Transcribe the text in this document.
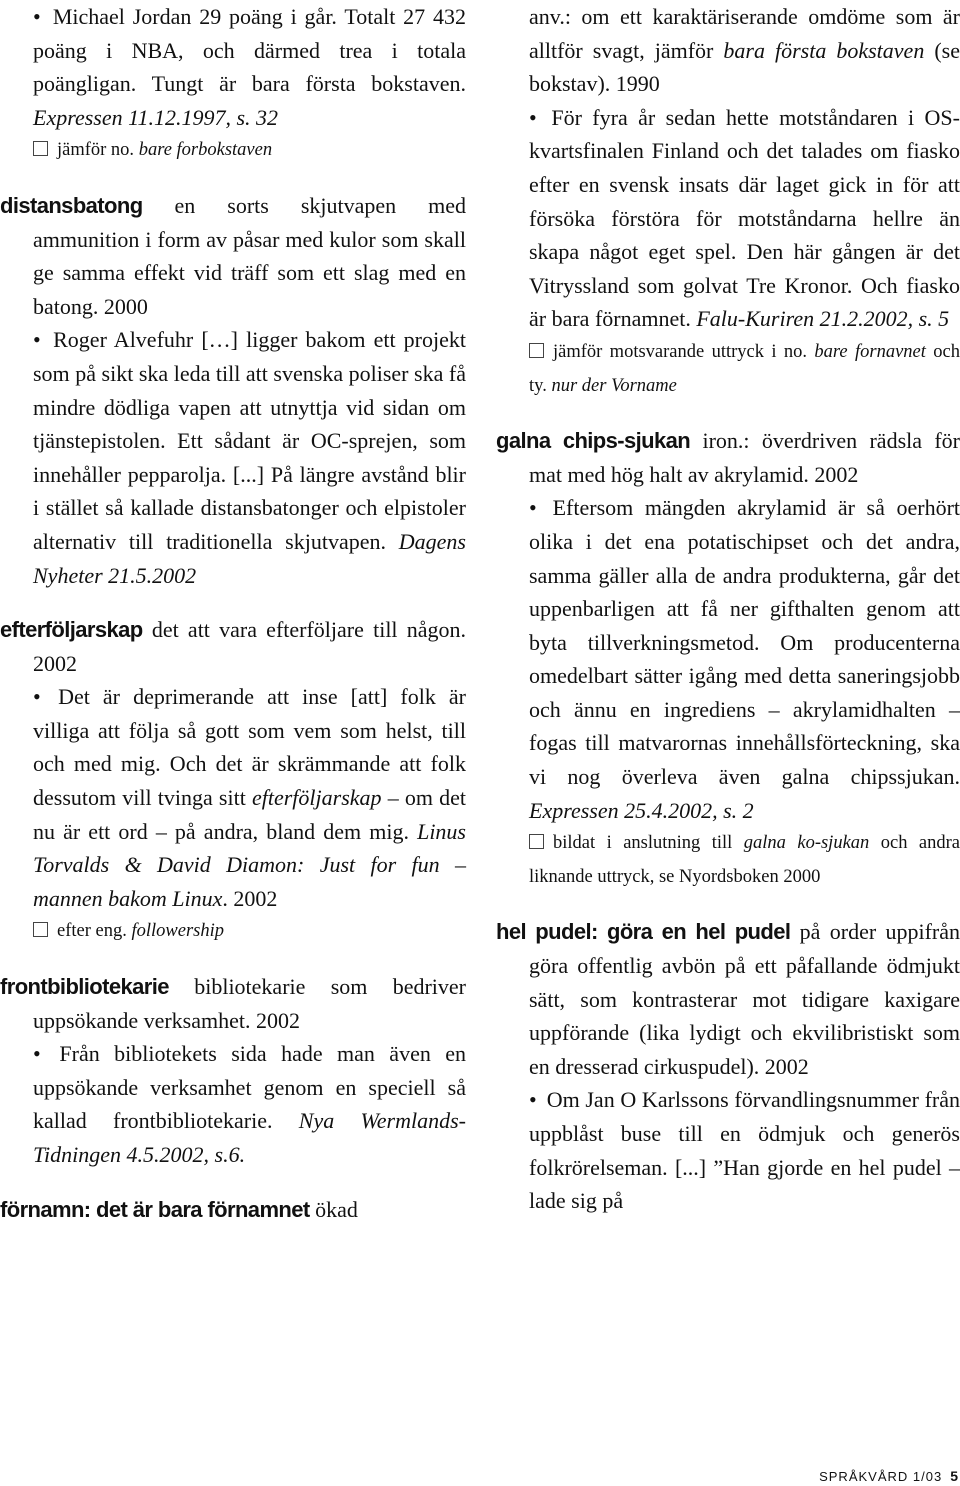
• Michael Jordan 29 poäng i går. Totalt 27 432 poäng i NBA, och därmed trea i totala poängligan. Tungt är bara första bokstaven. Expressen 11.12.1997, s. 32
jämför no. bare forbokstaven
distansbatong en sorts skjutvapen med ammunition i form av påsar med kulor som skall ge samma effekt vid träff som ett slag med en batong. 2000
• Roger Alvefuhr […] ligger bakom ett projekt som på sikt ska leda till att svenska poliser ska få mindre dödliga vapen att utnyttja vid sidan om tjänstepistolen. Ett sådant är OC-sprejen, som innehåller pepparolja. [...] På längre avstånd blir i stället så kallade distansbatonger och elpistoler alternativ till traditionella skjutvapen. Dagens Nyheter 21.5.2002
efterföljarskap det att vara efterföljare till någon. 2002
• Det är deprimerande att inse [att] folk är villiga att följa så gott som vem som helst, till och med mig. Och det är skrämmande att folk dessutom vill tvinga sitt efterföljarskap – om det nu är ett ord – på andra, bland dem mig. Linus Torvalds & David Diamon: Just for fun – mannen bakom Linux. 2002
efter eng. followership
frontbibliotekarie bibliotekarie som bedriver uppsökande verksamhet. 2002
• Från bibliotekets sida hade man även en uppsökande verksamhet genom en speciell så kallad frontbibliotekarie. Nya Wermlands-Tidningen 4.5.2002, s.6.
förnamn: det är bara förnamnet ökad
anv.: om ett karaktäriserande omdöme som är alltför svagt, jämför bara första bokstaven (se bokstav). 1990
• För fyra år sedan hette motståndaren i OS-kvartsfinalen Finland och det talades om fiasko efter en svensk insats där laget gick in för att försöka förstöra för motståndarna hellre än skapa något eget spel. Den här gången är det Vitryssland som golvat Tre Kronor. Och fiasko är bara förnamnet. Falu-Kuriren 21.2.2002, s. 5
jämför motsvarande uttryck i no. bare fornavnet och ty. nur der Vorname
galna chips-sjukan iron.: överdriven rädsla för mat med hög halt av akrylamid. 2002
• Eftersom mängden akrylamid är så oerhört olika i det ena potatischipset och det andra, samma gäller alla de andra produkterna, går det uppenbarligen att få ner gifthalten genom att byta tillverkningsmetod. Om producenterna omedelbart sätter igång med detta saneringsjobb och ännu en ingrediens – akrylamidhalten – fogas till matvarornas innehållsförteckning, ska vi nog överleva även galna chipssjukan. Expressen 25.4.2002, s. 2
bildat i anslutning till galna ko-sjukan och andra liknande uttryck, se Nyordsboken 2000
hel pudel: göra en hel pudel på order uppifrån göra offentlig avbön på ett påfallande ödmjukt sätt, som kontrasterar mot tidigare kaxigare uppförande (lika lydigt och ekvilibristiskt som en dresserad cirkuspudel). 2002
• Om Jan O Karlssons förvandlingsnummer från uppblåst buse till en ödmjuk och generös folkrörelseman. [...] ”Han gjorde en hel pudel – lade sig på
SPRÅKVÅRD 1/03 5
